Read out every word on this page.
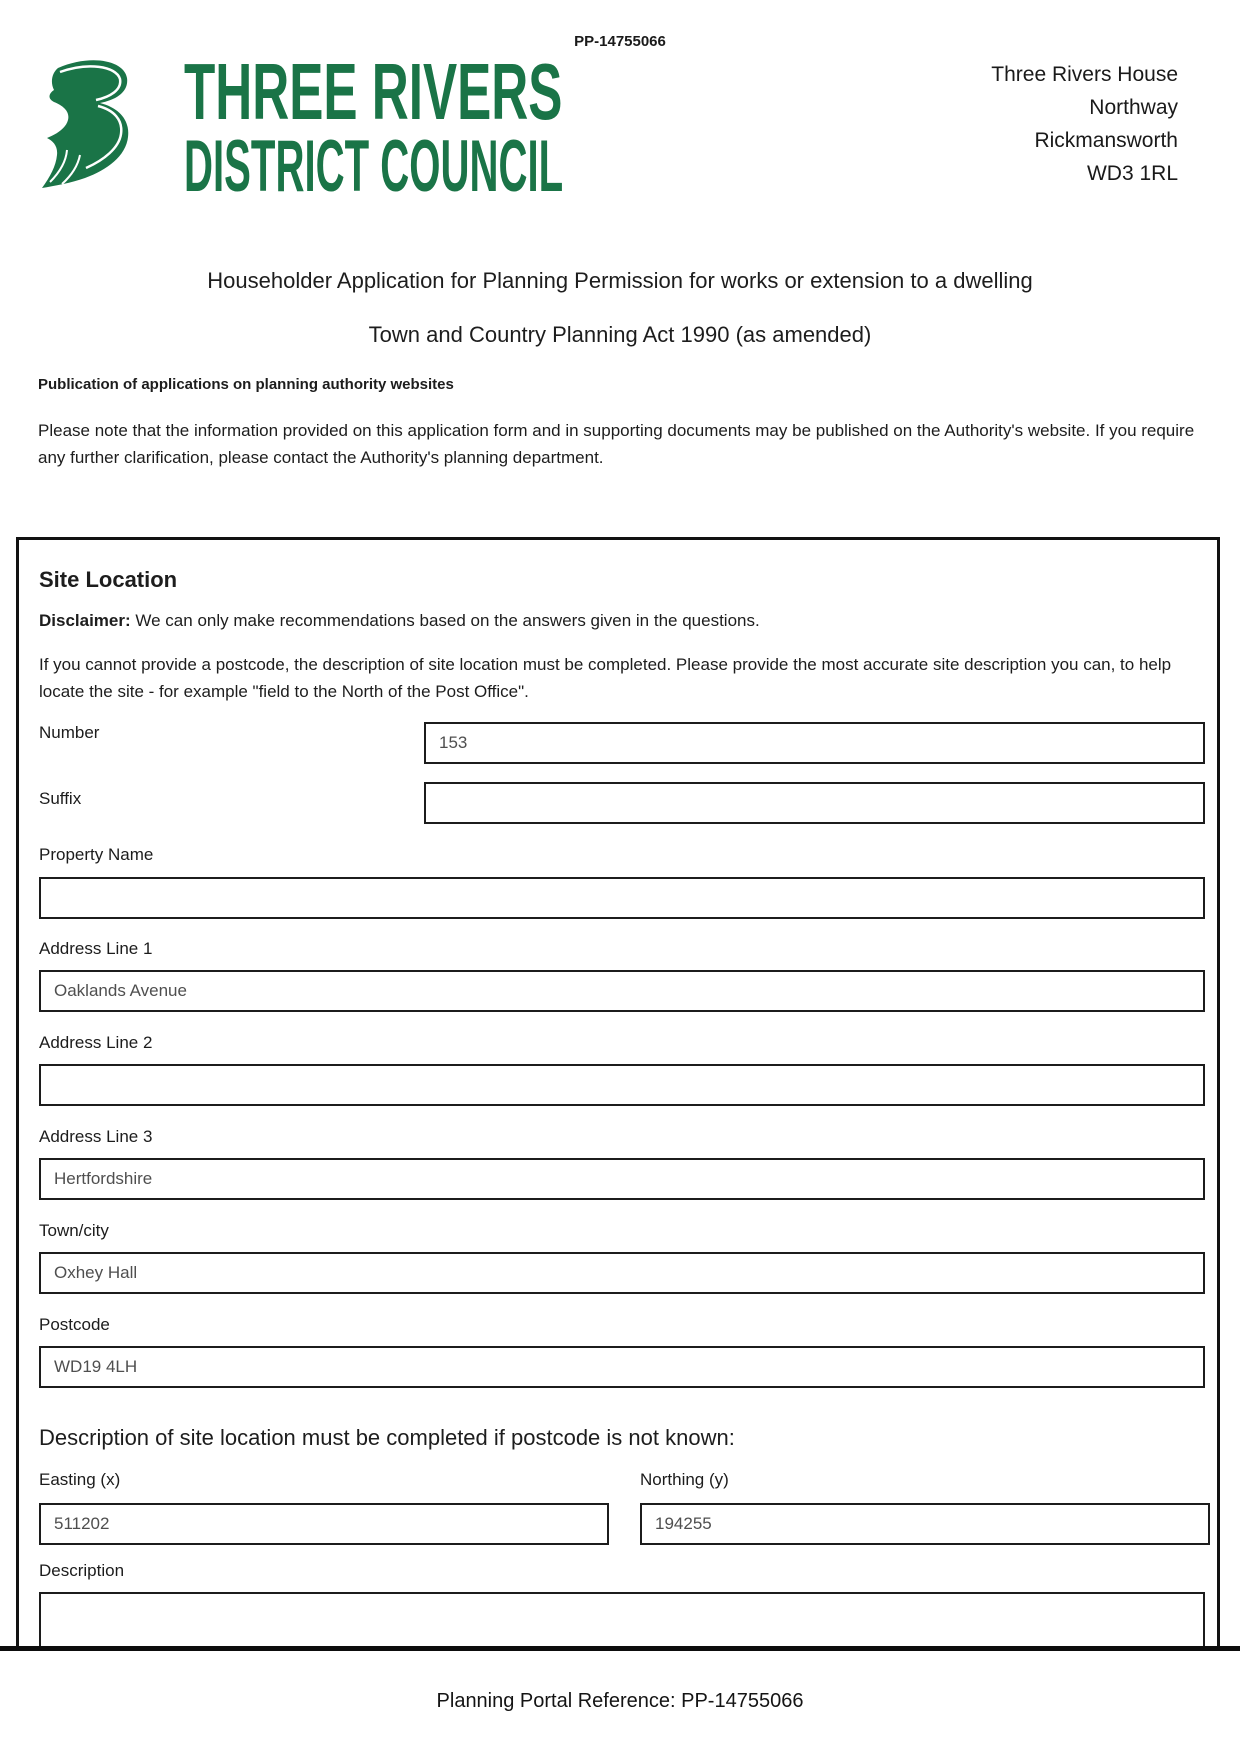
PP-14755066
THREE RIVERS
DISTRICT COUNCIL
Three Rivers House
Northway
Rickmansworth
WD3 1RL
Householder Application for Planning Permission for works or extension to a dwelling
Town and Country Planning Act 1990 (as amended)
Publication of applications on planning authority websites
Please note that the information provided on this application form and in supporting documents may be published on the Authority's website. If you require any further clarification, please contact the Authority's planning department.
Site Location
Disclaimer: We can only make recommendations based on the answers given in the questions.
If you cannot provide a postcode, the description of site location must be completed. Please provide the most accurate site description you can, to help locate the site - for example "field to the North of the Post Office".
Number
153
Suffix
Property Name
Address Line 1
Oaklands Avenue
Address Line 2
Address Line 3
Hertfordshire
Town/city
Oxhey Hall
Postcode
WD19 4LH
Description of site location must be completed if postcode is not known:
Easting (x)	Northing (y)
511202
194255
Description
Planning Portal Reference: PP-14755066
